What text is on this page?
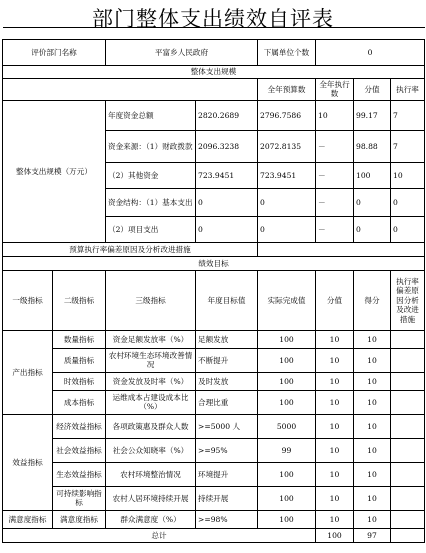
部门整体支出绩效自评表

评价部门名称		平富乡人民政府		下属单位个数	0		
整体支出规模							
				全年预算数	全年执行数	分值	执行率
整体支出规模（万元）		年度资金总额	2820.2689	2796.7586	10	99.17	7
		资金来源：（1）财政拨款	2096.3238	2072.8135	－	98.88	7
		（2）其他资金	723.9451	723.9451	－	100	10
		资金结构：（1）基本支出	0	0	－	0	0
		（2）项目支出	0	0	－	0	0
预算执行率偏差原因及分析改进措施							
绩效目标							
一级指标	二级指标	三级指标	年度目标值	实际完成值	分值	得分	执行率偏差原因分析及改进措施
产出指标	数量指标	资金足额发放率（%）	足额发放	100	10	10	
	质量指标	农村环境生态环境改善情况	不断提升	100	10	10	
	时效指标	资金发放及时率（%）	及时发放	100	10	10	
	成本指标	运维成本占建设成本比（%）	合理比重	100	10	10	
效益指标	经济效益指标	各项政策惠及群众人数	>=5000 人	5000	10	10	
	社会效益指标	社会公众知晓率（%）	>=95%	99	10	10	
	生态效益指标	农村环境整治情况	环境提升	100	10	10	
	可持续影响指标	农村人居环境持续开展	持续开展	100	10	10	
满意度指标	满意度指标	群众满意度（%）	>=98%	100	10	10	
总计					100	97	
